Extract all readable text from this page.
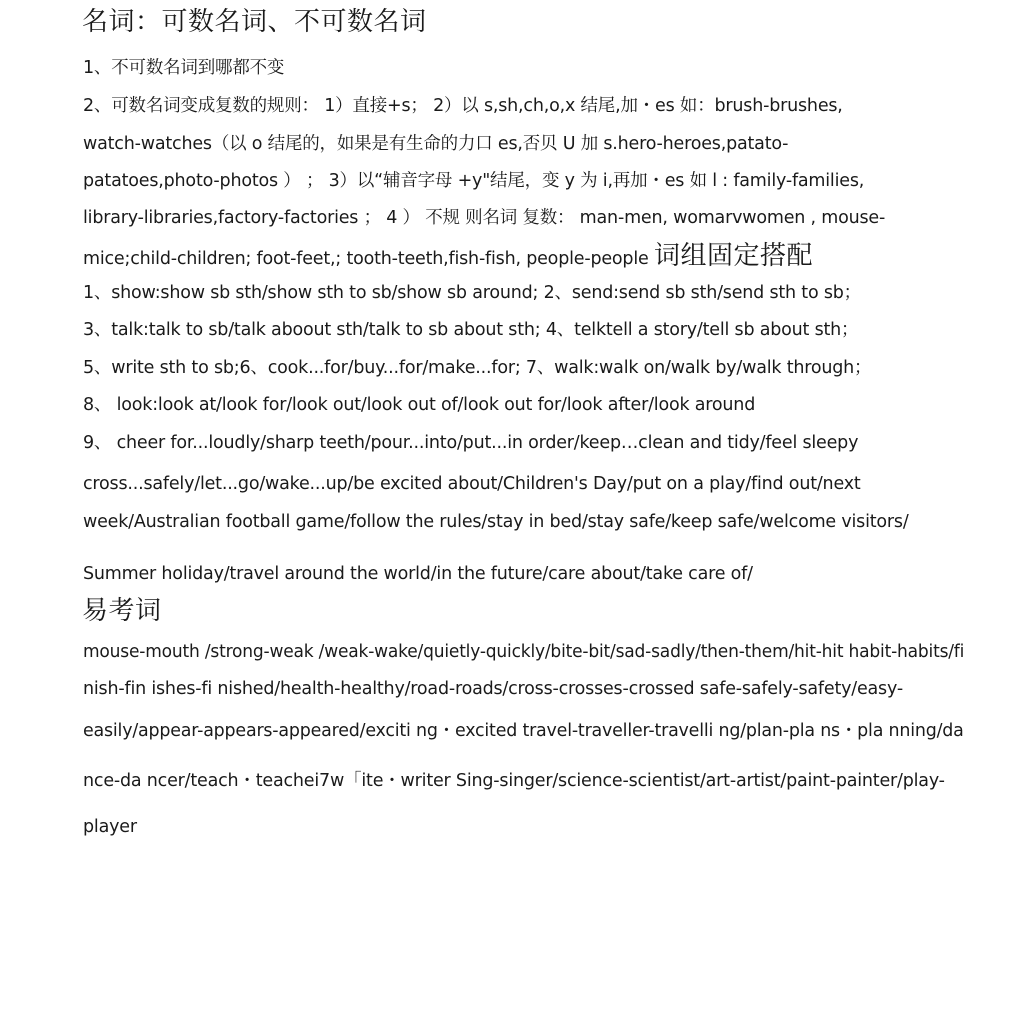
名词：可数名词、不可数名词
1、不可数名词到哪都不变
2、可数名词变成复数的规则： 1）直接+s； 2）以 s,sh,ch,o,x 结尾,加・es 如：brush-brushes,
watch-watches（以 o 结尾的，如果是有生命的力口 es,否贝 U 加 s.hero-heroes,patato-
patatoes,photo-photos ） ； 3）以“辅音字母 +y"结尾，变 y 为 i,再加・es 如 l : family-families,
library-libraries,factory-factories ； 4 ） 不规 则名词 复数： man-men, womarvwomen , mouse-
mice;child-children; foot-feet,; tooth-teeth,fish-fish, people-people 词组固定搭配
1、show:show sb sth/show sth to sb/show sb around; 2、send:send sb sth/send sth to sb；
3、talk:talk to sb/talk aboout sth/talk to sb about sth; 4、telktell a story/tell sb about sth；
5、write sth to sb;6、cook...for/buy...for/make...for; 7、walk:walk on/walk by/walk through；
8、 look:look at/look for/look out/look out of/look out for/look after/look around
9、 cheer for...loudly/sharp teeth/pour...into/put...in order/keep…clean and tidy/feel sleepy
cross...safely/let...go/wake...up/be excited about/Children's Day/put on a play/find out/next
week/Australian football game/follow the rules/stay in bed/stay safe/keep safe/welcome visitors/
Summer holiday/travel around the world/in the future/care about/take care of/
易考词
mouse-mouth /strong-weak /weak-wake/quietly-quickly/bite-bit/sad-sadly/then-them/hit-hit habit-habits/fi
nish-fin ishes-fi nished/health-healthy/road-roads/cross-crosses-crossed safe-safely-safety/easy-
easily/appear-appears-appeared/exciti ng・excited travel-traveller-travelli ng/plan-pla ns・pla nning/da
nce-da ncer/teach・teachei7w「ite・writer Sing-singer/science-scientist/art-artist/paint-painter/play-
player
